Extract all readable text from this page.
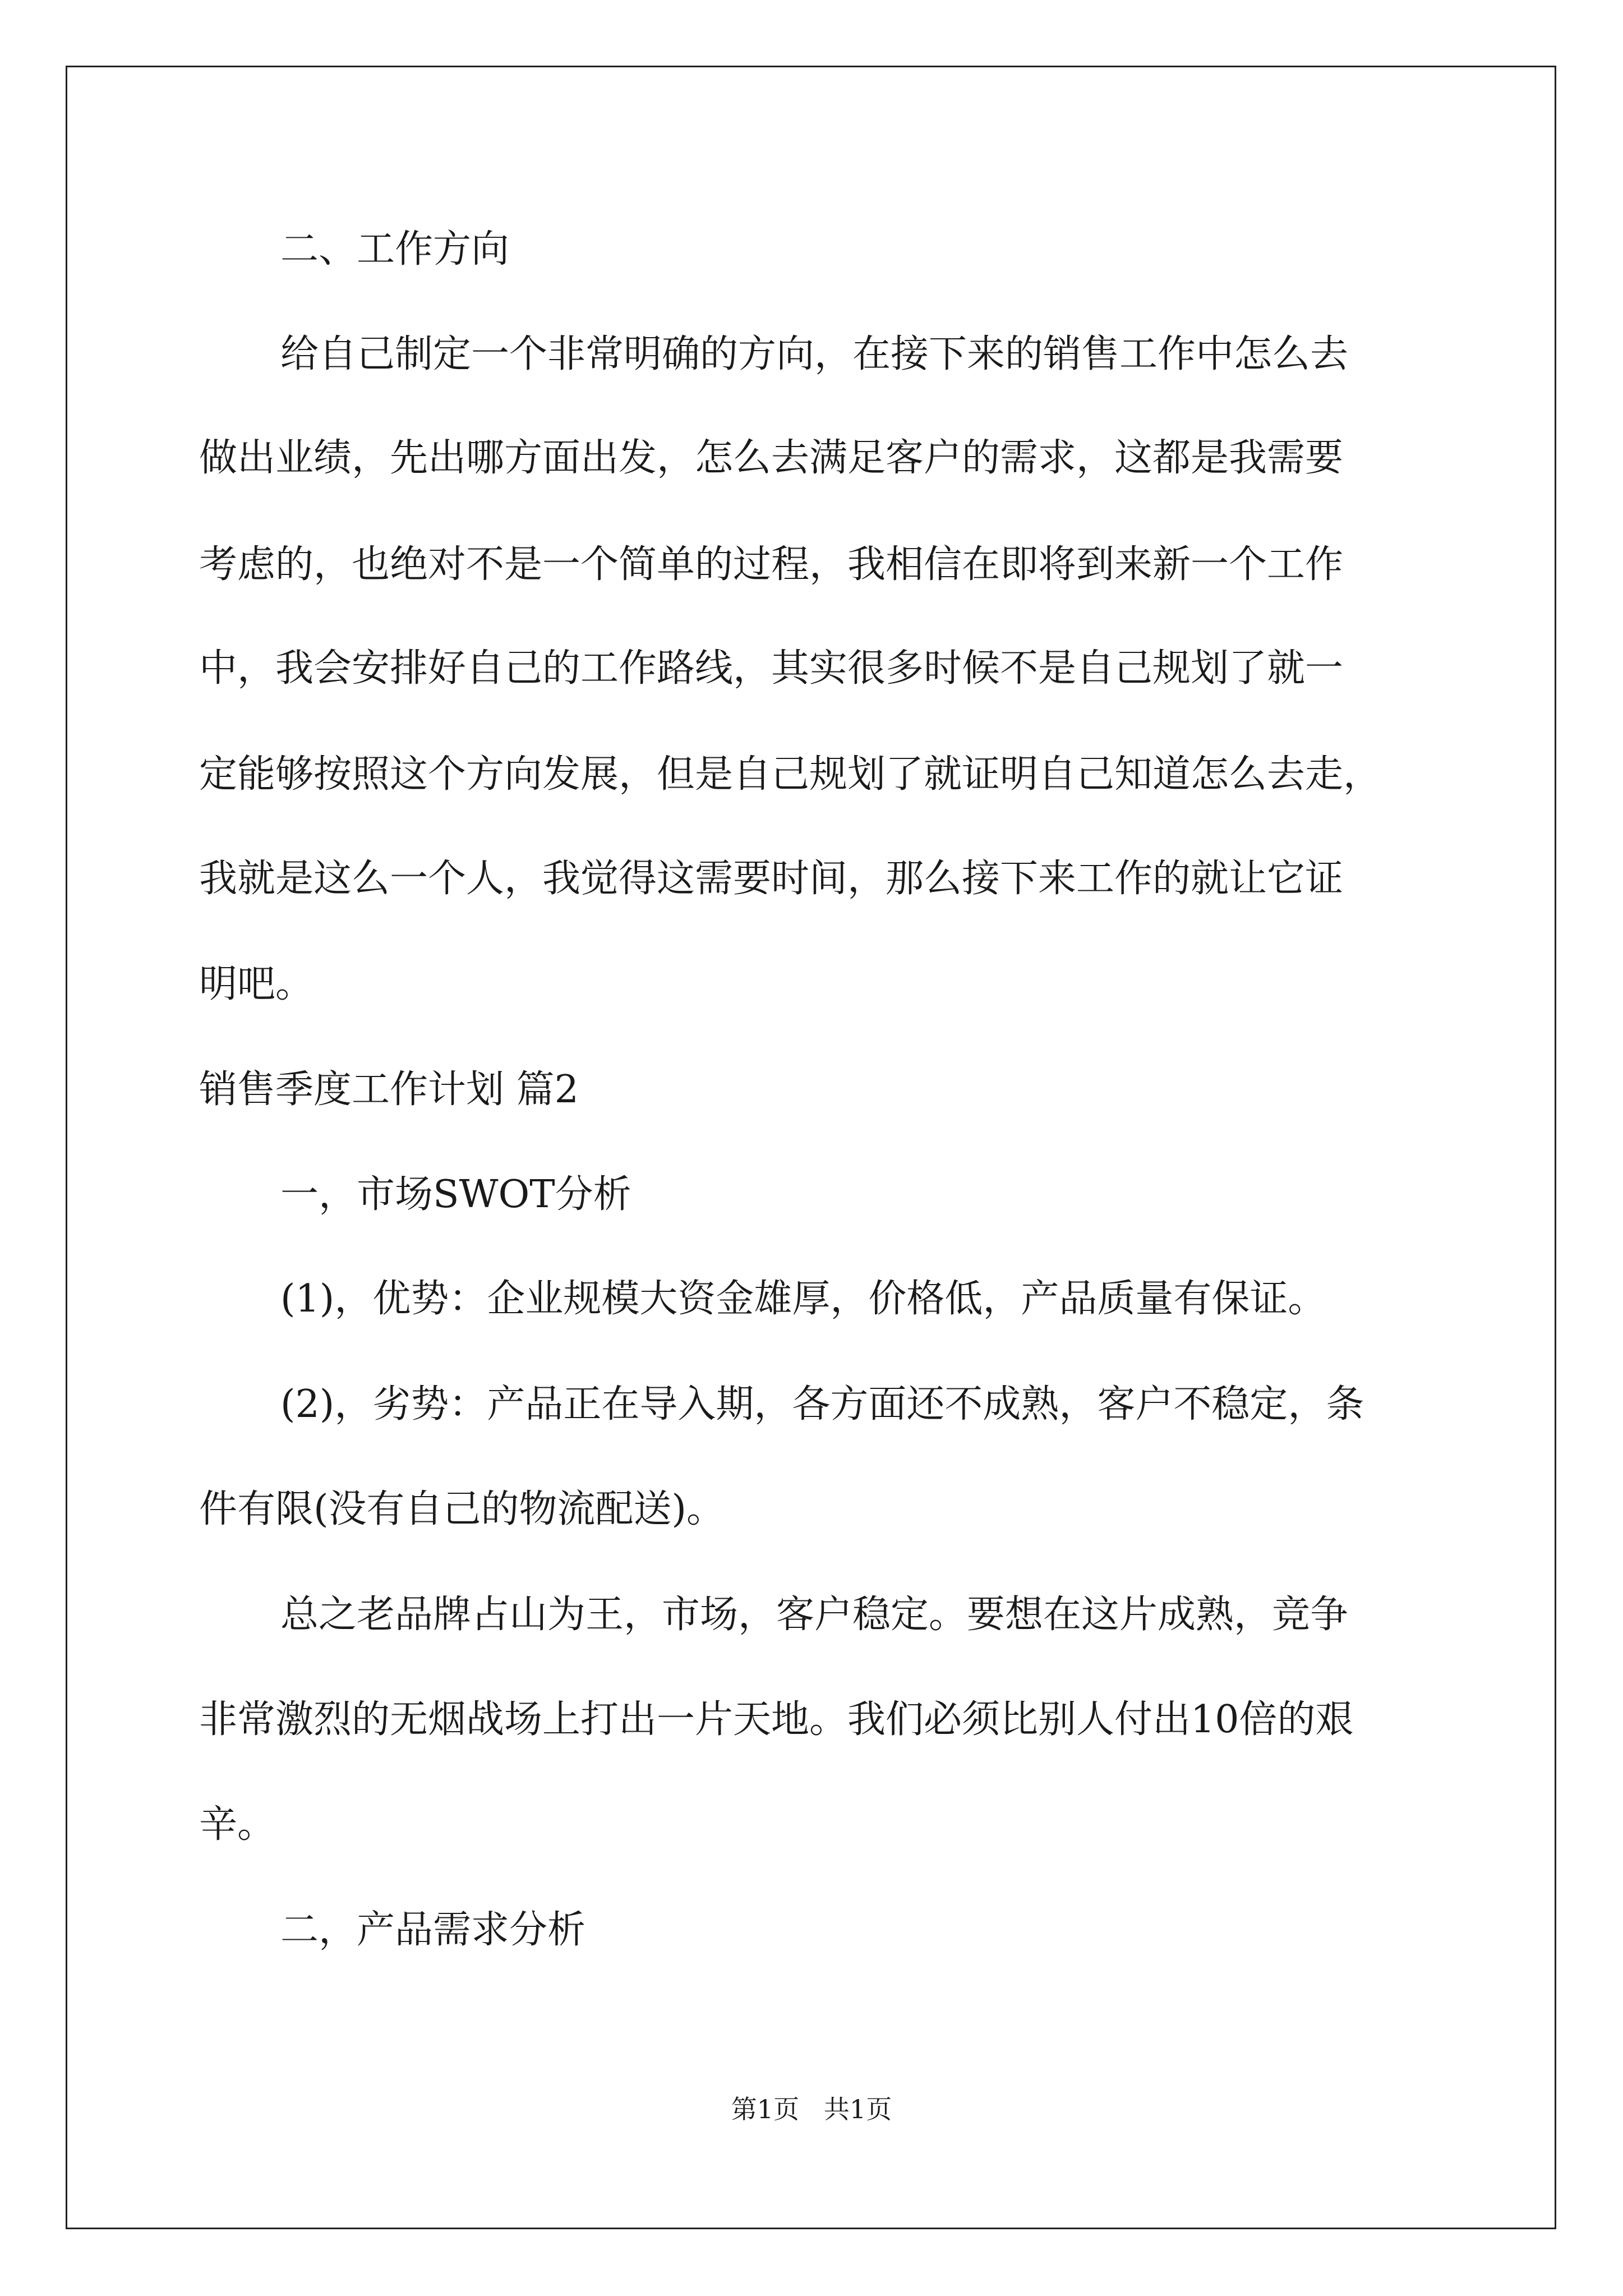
二、工作方向
给自己制定一个非常明确的方向，在接下来的销售工作中怎么去
做出业绩，先出哪方面出发，怎么去满足客户的需求，这都是我需要
考虑的，也绝对不是一个简单的过程，我相信在即将到来新一个工作
中，我会安排好自己的工作路线，其实很多时候不是自己规划了就一
定能够按照这个方向发展，但是自己规划了就证明自己知道怎么去走，
我就是这么一个人，我觉得这需要时间，那么接下来工作的就让它证
明吧。
销售季度工作计划 篇2
一，市场SWOT分析
(1)，优势：企业规模大资金雄厚，价格低，产品质量有保证。
(2)，劣势：产品正在导入期，各方面还不成熟，客户不稳定，条
件有限(没有自己的物流配送)。
总之老品牌占山为王，市场，客户稳定。要想在这片成熟，竞争
非常激烈的无烟战场上打出一片天地。我们必须比别人付出10倍的艰
辛。
二，产品需求分析
第1页   共1页
